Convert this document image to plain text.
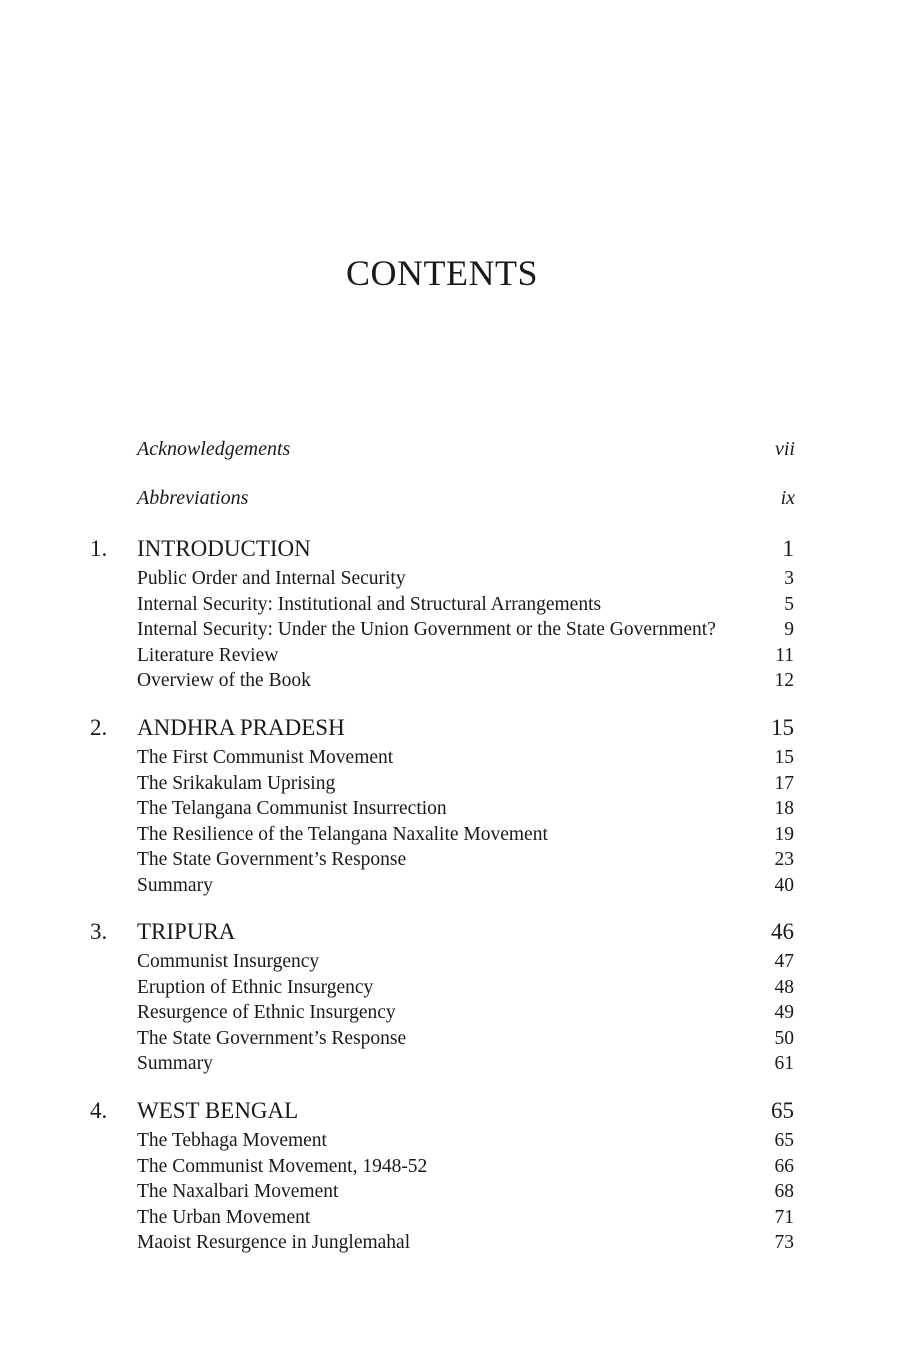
CONTENTS
Acknowledgements	vii
Abbreviations	ix
1. INTRODUCTION	1
Public Order and Internal Security	3
Internal Security: Institutional and Structural Arrangements	5
Internal Security: Under the Union Government or the State Government?	9
Literature Review	11
Overview of the Book	12
2. ANDHRA PRADESH	15
The First Communist Movement	15
The Srikakulam Uprising	17
The Telangana Communist Insurrection	18
The Resilience of the Telangana Naxalite Movement	19
The State Government’s Response	23
Summary	40
3. TRIPURA	46
Communist Insurgency	47
Eruption of Ethnic Insurgency	48
Resurgence of Ethnic Insurgency	49
The State Government’s Response	50
Summary	61
4. WEST BENGAL	65
The Tebhaga Movement	65
The Communist Movement, 1948-52	66
The Naxalbari Movement	68
The Urban Movement	71
Maoist Resurgence in Junglemahal	73
